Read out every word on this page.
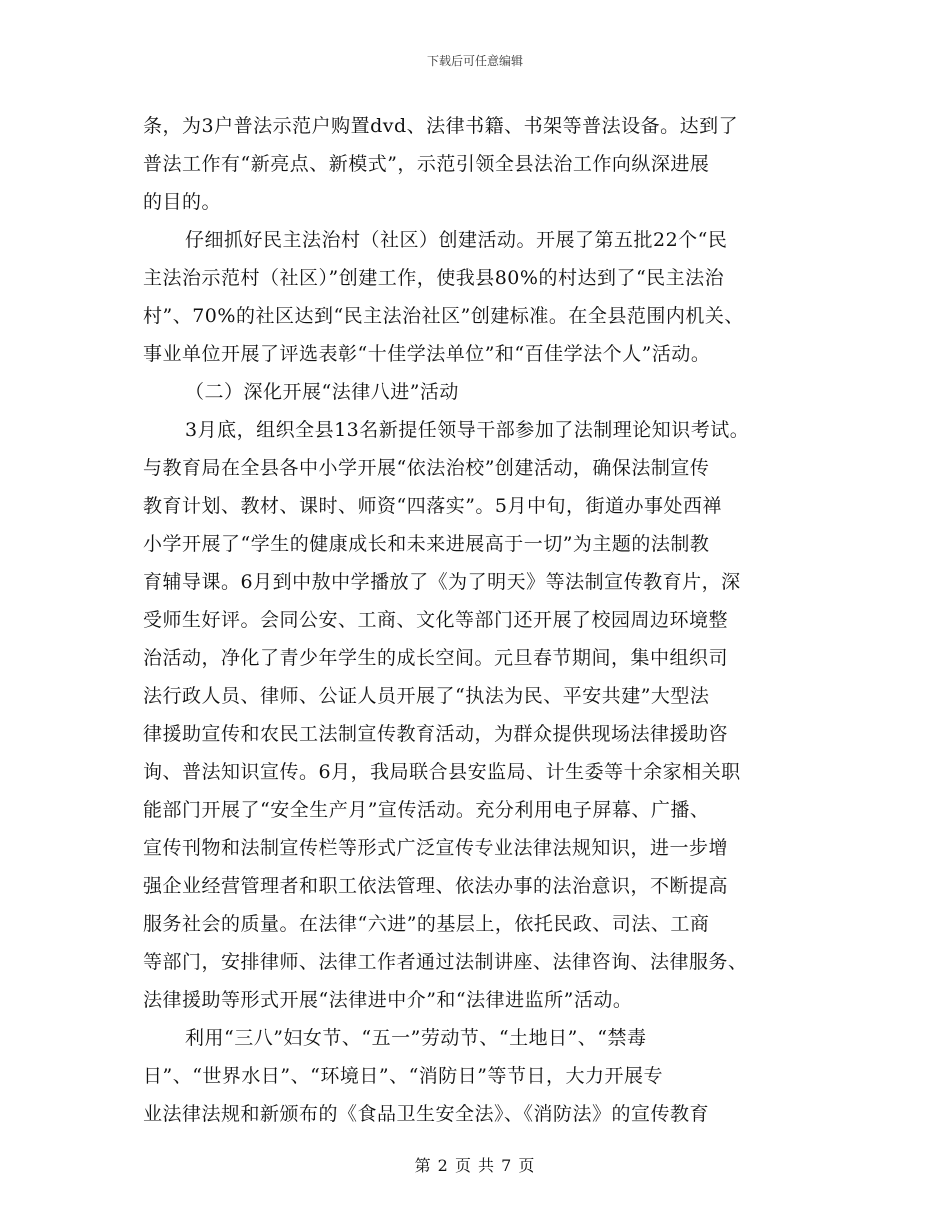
下载后可任意编辑
条，为3户普法示范户购置dvd、法律书籍、书架等普法设备。达到了
普法工作有“新亮点、新模式”，示范引领全县法治工作向纵深进展
的目的。
仔细抓好民主法治村（社区）创建活动。开展了第五批22个“民
主法治示范村（社区）”创建工作，使我县80%的村达到了“民主法治
村”、70%的社区达到“民主法治社区”创建标准。在全县范围内机关、
事业单位开展了评选表彰“十佳学法单位”和“百佳学法个人”活动。
（二）深化开展“法律八进”活动
3月底，组织全县13名新提任领导干部参加了法制理论知识考试。
与教育局在全县各中小学开展“依法治校”创建活动，确保法制宣传
教育计划、教材、课时、师资“四落实”。5月中旬，街道办事处西禅
小学开展了“学生的健康成长和未来进展高于一切”为主题的法制教
育辅导课。6月到中敖中学播放了《为了明天》等法制宣传教育片，深
受师生好评。会同公安、工商、文化等部门还开展了校园周边环境整
治活动，净化了青少年学生的成长空间。元旦春节期间，集中组织司
法行政人员、律师、公证人员开展了“执法为民、平安共建”大型法
律援助宣传和农民工法制宣传教育活动，为群众提供现场法律援助咨
询、普法知识宣传。6月，我局联合县安监局、计生委等十余家相关职
能部门开展了“安全生产月”宣传活动。充分利用电子屏幕、广播、
宣传刊物和法制宣传栏等形式广泛宣传专业法律法规知识，进一步增
强企业经营管理者和职工依法管理、依法办事的法治意识，不断提高
服务社会的质量。在法律“六进”的基层上，依托民政、司法、工商
等部门，安排律师、法律工作者通过法制讲座、法律咨询、法律服务、
法律援助等形式开展“法律进中介”和“法律进监所”活动。
利用“三八”妇女节、“五一”劳动节、“土地日”、“禁毒
日”、“世界水日”、“环境日”、“消防日”等节日，大力开展专
业法律法规和新颁布的《食品卫生安全法》、《消防法》的宣传教育
第 2 页 共 7 页
